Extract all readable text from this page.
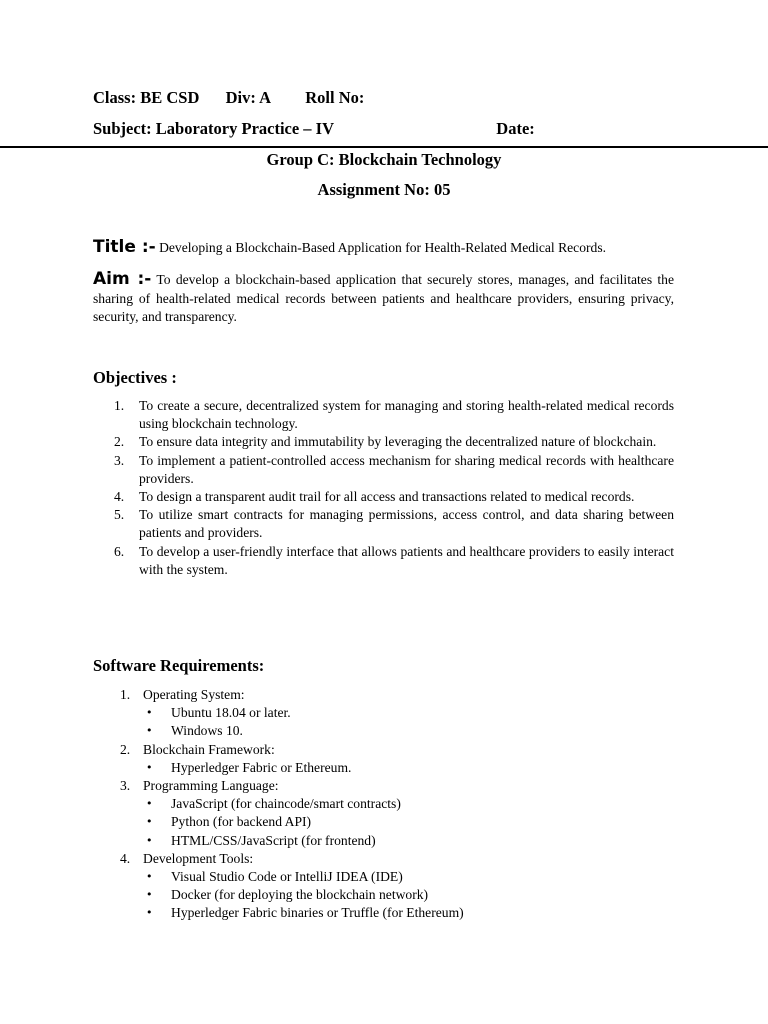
Class: BE CSD Div: A Roll No:
Subject: Laboratory Practice – IV	Date:
Group C: Blockchain Technology
Assignment No: 05
Title :- Developing a Blockchain-Based Application for Health-Related Medical Records.
Aim :- To develop a blockchain-based application that securely stores, manages, and facilitates the sharing of health-related medical records between patients and healthcare providers, ensuring privacy, security, and transparency.
Objectives :
1. To create a secure, decentralized system for managing and storing health-related medical records using blockchain technology.
2. To ensure data integrity and immutability by leveraging the decentralized nature of blockchain.
3. To implement a patient-controlled access mechanism for sharing medical records with healthcare providers.
4. To design a transparent audit trail for all access and transactions related to medical records.
5. To utilize smart contracts for managing permissions, access control, and data sharing between patients and providers.
6. To develop a user-friendly interface that allows patients and healthcare providers to easily interact with the system.
Software Requirements:
1. Operating System:
• Ubuntu 18.04 or later.
• Windows 10.
2. Blockchain Framework:
• Hyperledger Fabric or Ethereum.
3. Programming Language:
• JavaScript (for chaincode/smart contracts)
• Python (for backend API)
• HTML/CSS/JavaScript (for frontend)
4. Development Tools:
• Visual Studio Code or IntelliJ IDEA (IDE)
• Docker (for deploying the blockchain network)
• Hyperledger Fabric binaries or Truffle (for Ethereum)
